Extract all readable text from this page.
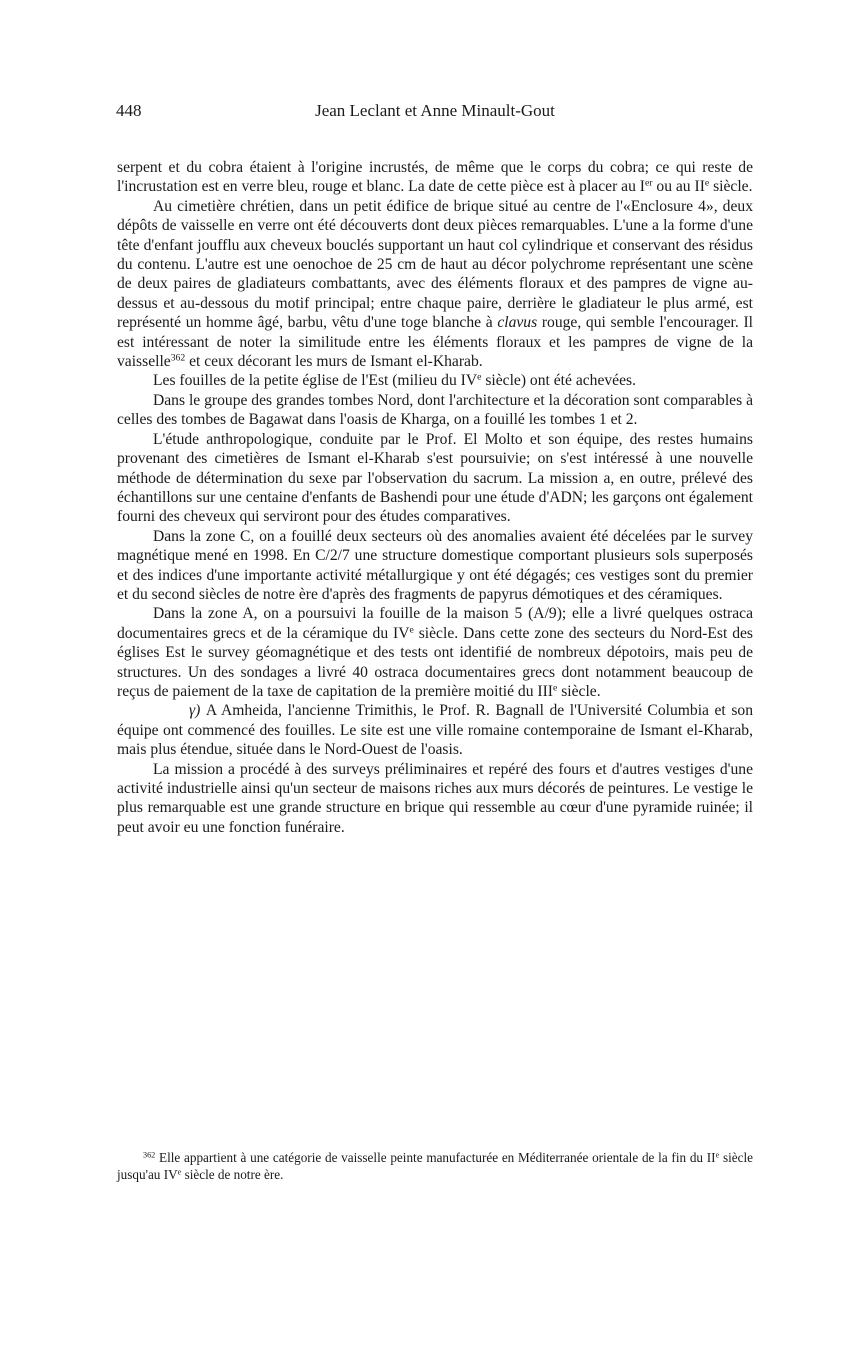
448	Jean Leclant et Anne Minault-Gout

serpent et du cobra étaient à l'origine incrustés, de même que le corps du cobra; ce qui reste de l'incrustation est en verre bleu, rouge et blanc. La date de cette pièce est à placer au Ier ou au IIe siècle.

Au cimetière chrétien, dans un petit édifice de brique situé au centre de l'«Enclosure 4», deux dépôts de vaisselle en verre ont été découverts dont deux pièces remarquables. L'une a la forme d'une tête d'enfant joufflu aux cheveux bouclés supportant un haut col cylindrique et conservant des résidus du contenu. L'autre est une oenochoe de 25 cm de haut au décor polychrome représentant une scène de deux paires de gladiateurs combattants, avec des éléments floraux et des pampres de vigne au-dessus et au-dessous du motif principal; entre chaque paire, derrière le gladiateur le plus armé, est représenté un homme âgé, barbu, vêtu d'une toge blanche à clavus rouge, qui semble l'encourager. Il est intéressant de noter la similitude entre les éléments floraux et les pampres de vigne de la vaisselle$^{362}$ et ceux décorant les murs de Ismant el-Kharab.

Les fouilles de la petite église de l'Est (milieu du IVe siècle) ont été achevées.

Dans le groupe des grandes tombes Nord, dont l'architecture et la décoration sont comparables à celles des tombes de Bagawat dans l'oasis de Kharga, on a fouillé les tombes 1 et 2.

L'étude anthropologique, conduite par le Prof. El Molto et son équipe, des restes humains provenant des cimetières de Ismant el-Kharab s'est poursuivie; on s'est intéressé à une nouvelle méthode de détermination du sexe par l'observation du sacrum. La mission a, en outre, prélevé des échantillons sur une centaine d'enfants de Bashendi pour une étude d'ADN; les garçons ont également fourni des cheveux qui serviront pour des études comparatives.

Dans la zone C, on a fouillé deux secteurs où des anomalies avaient été décelées par le survey magnétique mené en 1998. En C/2/7 une structure domestique comportant plusieurs sols superposés et des indices d'une importante activité métallurgique y ont été dégagés; ces vestiges sont du premier et du second siècles de notre ère d'après des fragments de papyrus démotiques et des céramiques.

Dans la zone A, on a poursuivi la fouille de la maison 5 (A/9); elle a livré quelques ostraca documentaires grecs et de la céramique du IVe siècle. Dans cette zone des secteurs du Nord-Est des églises Est le survey géomagnétique et des tests ont identifié de nombreux dépotoirs, mais peu de structures. Un des sondages a livré 40 ostraca documentaires grecs dont notamment beaucoup de reçus de paiement de la taxe de capitation de la première moitié du IIIe siècle.

γ) A Amheida, l'ancienne Trimithis, le Prof. R. Bagnall de l'Université Columbia et son équipe ont commencé des fouilles. Le site est une ville romaine contemporaine de Ismant el-Kharab, mais plus étendue, située dans le Nord-Ouest de l'oasis.

La mission a procédé à des surveys préliminaires et repéré des fours et d'autres vestiges d'une activité industrielle ainsi qu'un secteur de maisons riches aux murs décorés de peintures. Le vestige le plus remarquable est une grande structure en brique qui ressemble au cœur d'une pyramide ruinée; il peut avoir eu une fonction funéraire.

$^{362}$ Elle appartient à une catégorie de vaisselle peinte manufacturée en Méditerranée orientale de la fin du IIe siècle jusqu'au IVe siècle de notre ère.
